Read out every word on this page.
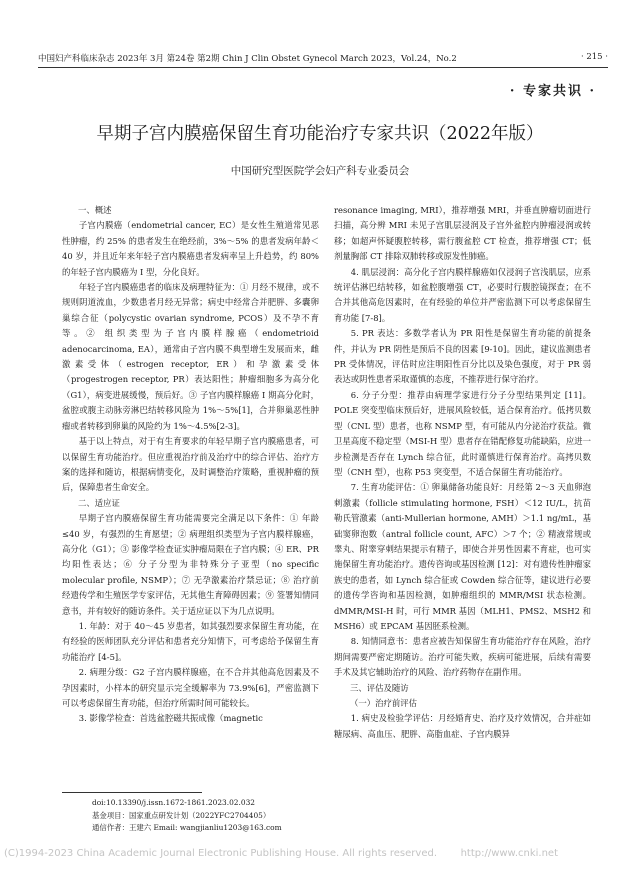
中国妇产科临床杂志 2023年 3月 第24卷 第2期 Chin J Clin Obstet Gynecol March 2023，Vol.24，No.2	· 215 ·
· 专家共识 ·
早期子宫内膜癌保留生育功能治疗专家共识（2022年版）
中国研究型医院学会妇产科专业委员会
一、概述

子宫内膜癌（endometrial cancer, EC）是女性生殖道常见恶性肿瘤，约 25% 的患者发生在绝经前，3%～5% 的患者发病年龄＜40 岁，并且近年来年轻子宫内膜癌患者发病率呈上升趋势，约 80% 的年轻子宫内膜癌为 Ⅰ 型，分化良好。

年轻子宫内膜癌患者的临床及病理特征为：① 月经不规律，或不规则阴道流血，少数患者月经无异常；病史中经常合并肥胖、多囊卵巢综合征（polycystic ovarian syndrome, PCOS）及不孕不育等。② 组织类型为子宫内膜样腺癌（endometrioid adenocarcinoma, EA），通常由子宫内膜不典型增生发展而来，雌激素受体（estrogen receptor, ER）和孕激素受体（progestrogen receptor, PR）表达阳性；肿瘤细胞多为高分化（G1），病变进展缓慢，预后好。③ 子宫内膜样腺癌 Ⅰ 期高分化时，盆腔或腹主动脉旁淋巴结转移风险为 1%～5%[1]，合并卵巢恶性肿瘤或者转移到卵巢的风险约为 1%～4.5%[2-3]。

基于以上特点，对于有生育要求的年轻早期子宫内膜癌患者，可以保留生育功能治疗。但应重视治疗前及治疗中的综合评估、治疗方案的选择和随访，根据病情变化，及时调整治疗策略，重视肿瘤的预后，保障患者生命安全。

二、适应证

早期子宫内膜癌保留生育功能需要完全满足以下条件：① 年龄≤40 岁，有强烈的生育愿望；② 病理组织类型为子宫内膜样腺癌，高分化（G1）；③ 影像学检查证实肿瘤局限在子宫内膜；④ ER、PR 均阳性表达；⑥ 分子分型为非特殊分子亚型（no specific molecular profile, NSMP）；⑦ 无孕激素治疗禁忌证；⑧ 治疗前经遗传学和生殖医学专家评估，无其他生育障碍因素；⑨ 签署知情同意书，并有较好的随访条件。关于适应证以下为几点说明。

1. 年龄：对于 40～45 岁患者，如其强烈要求保留生育功能，在有经验的医师团队充分评估和患者充分知情下，可考虑给予保留生育功能治疗 [4-5]。

2. 病理分级：G2 子宫内膜样腺癌，在不合并其他高危因素及不孕因素时，小样本的研究显示完全缓解率为 73.9%[6]，严密监测下可以考虑保留生育功能，但治疗所需时间可能较长。

3. 影像学检查：首选盆腔磁共振成像（magnetic

resonance imaging, MRI），推荐增强 MRI，并垂直肿瘤切面进行扫描，高分辨 MRI 未见子宫肌层浸润及子宫外盆腔内肿瘤浸润或转移；如超声怀疑腹腔转移，需行腹盆腔 CT 检查，推荐增强 CT；低剂量胸部 CT 排除双肺转移或原发性肺癌。

4. 肌层浸润：高分化子宫内膜样腺癌如仅浸润子宫浅肌层，应系统评估淋巴结转移，如盆腔腹增强 CT，必要时行腹腔镜探查；在不合并其他高危因素时，在有经验的单位并严密监测下可以考虑保留生育功能 [7-8]。

5. PR 表达：多数学者认为 PR 阳性是保留生育功能的前提条件，并认为 PR 阴性是预后不良的因素 [9-10]。因此，建议监测患者 PR 受体情况，评估时应注明阳性百分比以及染色强度，对于 PR 弱表达或阴性患者采取谨慎的态度，不推荐进行保守治疗。

6. 分子分型：推荐由病理学家进行分子分型结果判定 [11]。POLE 突变型临床预后好，进展风险较低，适合保育治疗。低拷贝数型（CNL 型）患者，也称 NSMP 型，有可能从内分泌治疗获益。微卫星高度不稳定型（MSI-H 型）患者存在错配修复功能缺陷，应进一步检测是否存在 Lynch 综合征，此时谨慎进行保育治疗。高拷贝数型（CNH 型），也称 P53 突变型，不适合保留生育功能治疗。

7. 生育功能评估：① 卵巢储备功能良好：月经第 2～3 天血卵泡刺激素（follicle stimulating hormone, FSH）＜12 IU/L，抗苗勒氏管激素（anti-Mullerian hormone, AMH）＞1.1 ng/mL，基础窦卵泡数（antral follicle count, AFC）＞7 个；② 精液常规或睾丸、附睾穿刺结果提示有精子，即使合并男性因素不育症，也可实施保留生育功能治疗。遗传咨询或基因检测 [12]：对有遗传性肿瘤家族史的患者，如 Lynch 综合征或 Cowden 综合征等，建议进行必要的遗传学咨询和基因检测，如肿瘤组织的 MMR/MSI 状态检测。dMMR/MSI-H 时，可行 MMR 基因（MLH1、PMS2、MSH2 和 MSH6）或 EPCAM 基因胚系检测。

8. 知情同意书：患者应被告知保留生育功能治疗存在风险，治疗期间需要严密定期随访。治疗可能失败，疾病可能进展，后续有需要手术及其它辅助治疗的风险、治疗药物存在副作用。

三、评估及随访
（一）治疗前评估

1. 病史及检验学评估：月经婚育史、治疗及疗效情况，合并症如糖尿病、高血压、肥胖、高脂血症、子宫内膜异

doi:10.13390/j.issn.1672-1861.2023.02.032
基金项目：国家重点研发计划（2022YFC2704405）
通信作者：王建六 Email: wangjianliu1203@163.com
(C)1994-2023 China Academic Journal Electronic Publishing House. All rights reserved. http://www.cnki.net
